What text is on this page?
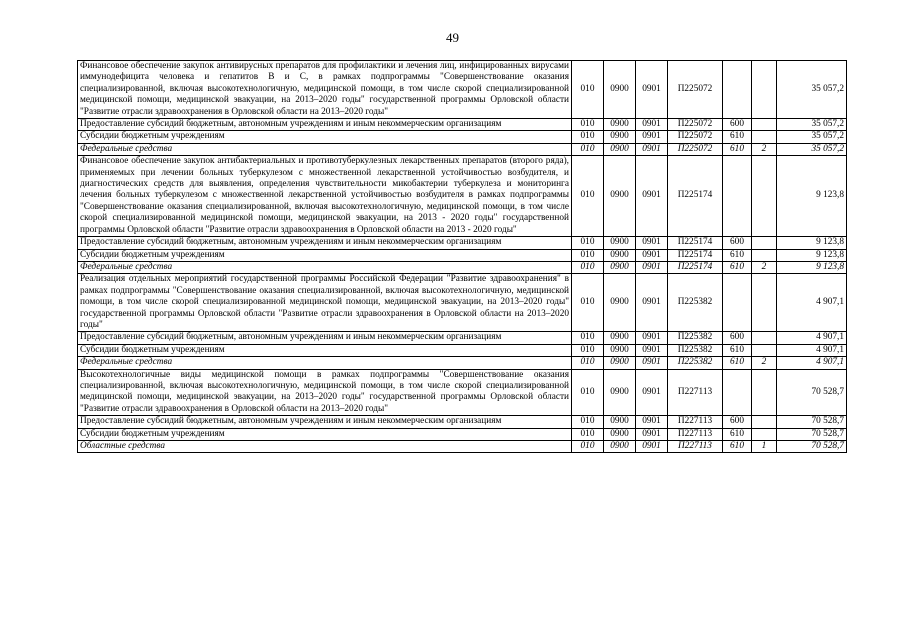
49
Финансовое обеспечение закупок антивирусных препаратов для профилактики и лечения лиц, инфицированных вирусами иммунодефицита человека и гепатитов В и С, в рамках подпрограммы "Совершенствование оказания специализированной, включая высокотехнологичную, медицинской помощи, в том числе скорой специализированной медицинской помощи, медицинской эвакуации, на 2013–2020 годы" государственной программы Орловской области "Развитие отрасли здравоохранения в Орловской области на 2013–2020 годы"	010	0900	0901	П225072			35 057,2
Предоставление субсидий бюджетным, автономным учреждениям и иным некоммерческим организациям	010	0900	0901	П225072	600		35 057,2
Субсидии бюджетным учреждениям	010	0900	0901	П225072	610		35 057,2
Федеральные средства	010	0900	0901	П225072	610	2	35 057,2
Финансовое обеспечение закупок антибактериальных и противотуберкулезных лекарственных препаратов (второго ряда), применяемых при лечении больных туберкулезом с множественной лекарственной устойчивостью возбудителя, и диагностических средств для выявления, определения чувствительности микобактерии туберкулеза и мониторинга лечения больных туберкулезом с множественной лекарственной устойчивостью возбудителя в рамках подпрограммы "Совершенствование оказания специализированной, включая высокотехнологичную, медицинской помощи, в том числе скорой специализированной медицинской помощи, медицинской эвакуации, на 2013 - 2020 годы" государственной программы Орловской области "Развитие отрасли здравоохранения в Орловской области на 2013 - 2020 годы"	010	0900	0901	П225174			9 123,8
Предоставление субсидий бюджетным, автономным учреждениям и иным некоммерческим организациям	010	0900	0901	П225174	600		9 123,8
Субсидии бюджетным учреждениям	010	0900	0901	П225174	610		9 123,8
Федеральные средства	010	0900	0901	П225174	610	2	9 123,8
Реализация отдельных мероприятий государственной программы Российской Федерации "Развитие здравоохранения" в рамках подпрограммы "Совершенствование оказания специализированной, включая высокотехнологичную, медицинской помощи, в том числе скорой специализированной медицинской помощи, медицинской эвакуации, на 2013–2020 годы" государственной программы Орловской области "Развитие отрасли здравоохранения в Орловской области на 2013–2020 годы"	010	0900	0901	П225382			4 907,1
Предоставление субсидий бюджетным, автономным учреждениям и иным некоммерческим организациям	010	0900	0901	П225382	600		4 907,1
Субсидии бюджетным учреждениям	010	0900	0901	П225382	610		4 907,1
Федеральные средства	010	0900	0901	П225382	610	2	4 907,1
Высокотехнологичные виды медицинской помощи в рамках подпрограммы "Совершенствование оказания специализированной, включая высокотехнологичную, медицинской помощи, в том числе скорой специализированной медицинской помощи, медицинской эвакуации, на 2013–2020 годы" государственной программы Орловской области "Развитие отрасли здравоохранения в Орловской области на 2013–2020 годы"	010	0900	0901	П227113			70 528,7
Предоставление субсидий бюджетным, автономным учреждениям и иным некоммерческим организациям	010	0900	0901	П227113	600		70 528,7
Субсидии бюджетным учреждениям	010	0900	0901	П227113	610		70 528,7
Областные средства	010	0900	0901	П227113	610	1	70 528,7
